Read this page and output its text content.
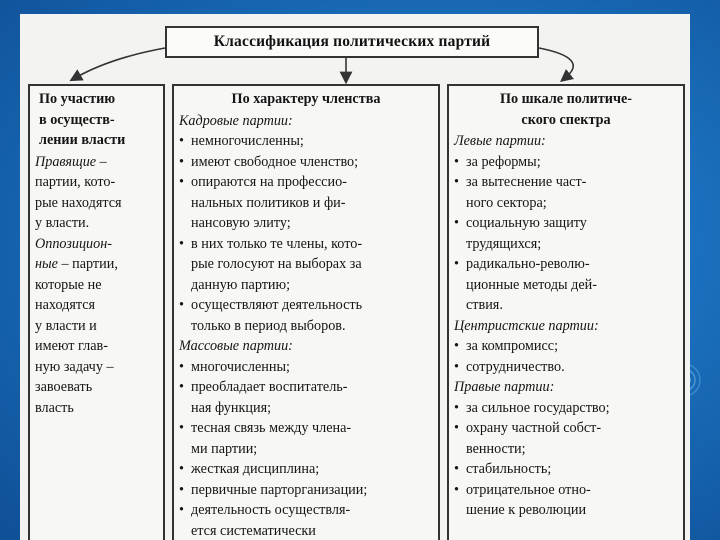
Классификация политических партий
По участию
в осуществ-
лении власти
Правящие –
партии, кото-
рые находятся
у власти.
Оппозицион-
ные – партии,
которые не
находятся
у власти и
имеют глав-
ную задачу –
завоевать
власть
По характеру членства
Кадровые партии:
• немногочисленны;
• имеют свободное членство;
• опираются на профессио-
нальных политиков и фи-
нансовую элиту;
• в них только те члены, кото-
рые голосуют на выборах за
данную партию;
• осуществляют деятельность
только в период выборов.
Массовые партии:
• многочисленны;
• преобладает воспитатель-
ная функция;
• тесная связь между члена-
ми партии;
• жесткая дисциплина;
• первичные парторганизации;
• деятельность осуществля-
ется систематически
По шкале политиче-
ского спектра
Левые партии:
• за реформы;
• за вытеснение част-
ного сектора;
• социальную защиту
трудящихся;
• радикально-револю-
ционные методы дей-
ствия.
Центристские партии:
• за компромисс;
• сотрудничество.
Правые партии:
• за сильное государство;
• охрану частной собст-
венности;
• стабильность;
• отрицательное отно-
шение к революции
